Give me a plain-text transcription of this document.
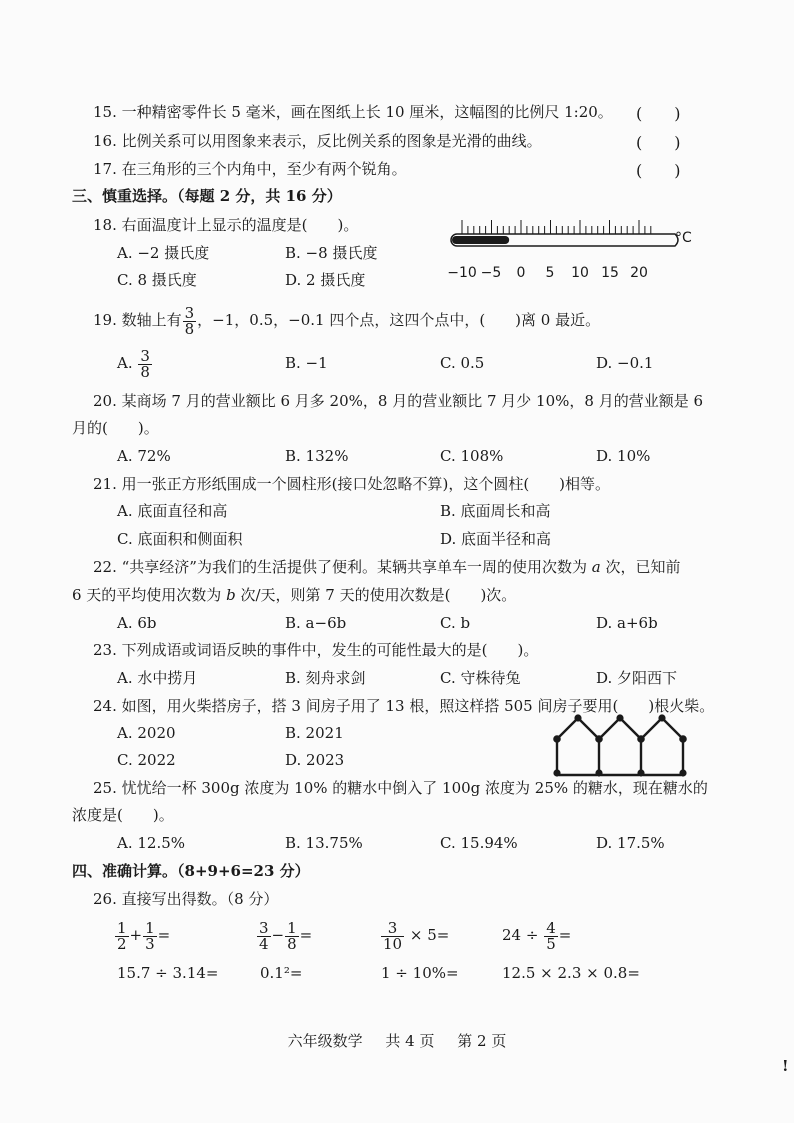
15. 一种精密零件长 5 毫米，画在图纸上长 10 厘米，这幅图的比例尺 1:20。 (　　)
16. 比例关系可以用图象来表示，反比例关系的图象是光滑的曲线。	(　　)
17. 在三角形的三个内角中，至少有两个锐角。	(　　)
三、慎重选择。（每题 2 分，共 16 分）
18. 右面温度计上显示的温度是(　　)。
A. −2 摄氏度	B. −8 摄氏度
C. 8 摄氏度	D. 2 摄氏度
°C
−10 −5 0 5 10 15 20
19. 数轴上有 $\frac{3}{8}$ ，−1，0.5，−0.1 四个点，这四个点中，(　　)离 0 最近。
A. $\frac{3}{8}$	B. −1	C. 0.5	D. −0.1
20. 某商场 7 月的营业额比 6 月多 20%，8 月的营业额比 7 月少 10%，8 月的营业额是 6
月的(　　)。
A. 72%	B. 132%	C. 108%	D. 10%
21. 用一张正方形纸围成一个圆柱形(接口处忽略不算)，这个圆柱(　　)相等。
A. 底面直径和高	B. 底面周长和高
C. 底面积和侧面积	D. 底面半径和高
22. “共享经济”为我们的生活提供了便利。某辆共享单车一周的使用次数为 a 次，已知前
6 天的平均使用次数为 b 次/天，则第 7 天的使用次数是(　　)次。
A. 6b	B. a−6b	C. b	D. a+6b
23. 下列成语或词语反映的事件中，发生的可能性最大的是(　　)。
A. 水中捞月	B. 刻舟求剑	C. 守株待兔	D. 夕阳西下
24. 如图，用火柴搭房子，搭 3 间房子用了 13 根，照这样搭 505 间房子要用(　　)根火柴。
A. 2020	B. 2021
C. 2022	D. 2023
25. 忧忧给一杯 300g 浓度为 10% 的糖水中倒入了 100g 浓度为 25% 的糖水，现在糖水的
浓度是(　　)。
A. 12.5%	B. 13.75%	C. 15.94%	D. 17.5%
四、准确计算。（8+9+6=23 分）
26. 直接写出得数。（8 分）
$\frac{1}{2} + \frac{1}{3}$ =	$\frac{3}{4} - \frac{1}{8}$ =	$\frac{3}{10} \times 5=$	$24 \div \frac{4}{5}$ =
15.7 ÷ 3.14=	0.1²=	1 ÷ 10%=	12.5 × 2.3 × 0.8=
六年级数学 共 4 页 第 2 页
!
